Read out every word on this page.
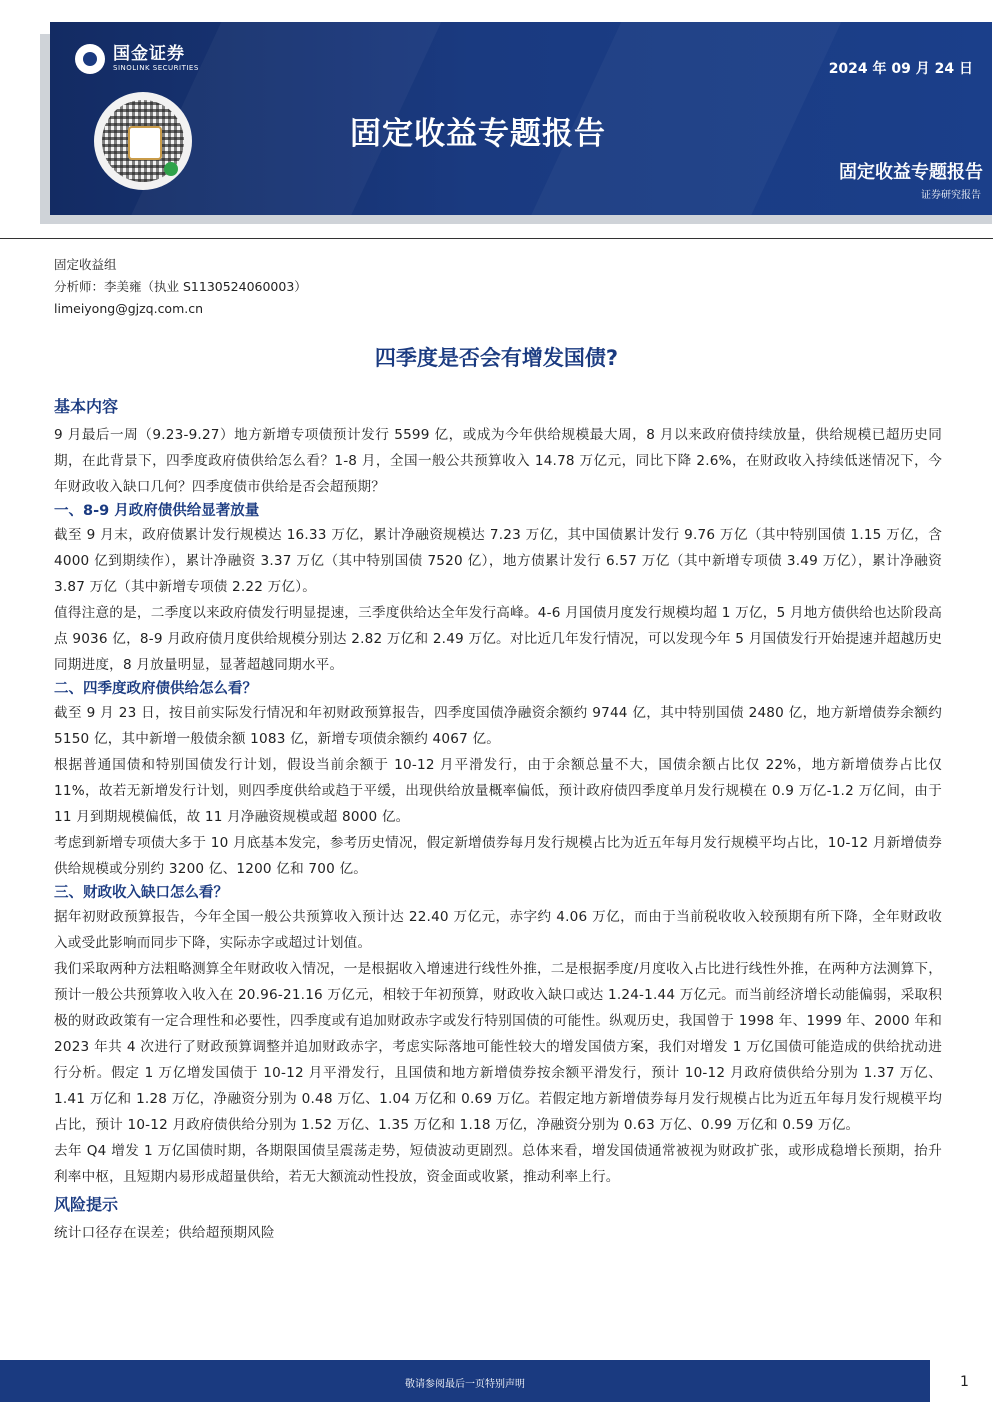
国金证券
SINOLINK SECURITIES	2024 年 09 月 24 日
固定收益专题报告
固定收益专题报告
证券研究报告
固定收益组
分析师：李美雍（执业 S1130524060003）
limeiyong@gjzq.com.cn
四季度是否会有增发国债?
基本内容

9 月最后一周（9.23-9.27）地方新增专项债预计发行 5599 亿，或成为今年供给规模最大周，8 月以来政府债持续放量，供给规模已超历史同期，在此背景下，四季度政府债供给怎么看？1-8 月，全国一般公共预算收入 14.78 万亿元，同比下降 2.6%，在财政收入持续低迷情况下，今年财政收入缺口几何？四季度债市供给是否会超预期？

一、8-9 月政府债供给显著放量

截至 9 月末，政府债累计发行规模达 16.33 万亿，累计净融资规模达 7.23 万亿，其中国债累计发行 9.76 万亿（其中特别国债 1.15 万亿，含 4000 亿到期续作），累计净融资 3.37 万亿（其中特别国债 7520 亿），地方债累计发行 6.57 万亿（其中新增专项债 3.49 万亿），累计净融资 3.87 万亿（其中新增专项债 2.22 万亿）。

值得注意的是，二季度以来政府债发行明显提速，三季度供给达全年发行高峰。4-6 月国债月度发行规模均超 1 万亿，5 月地方债供给也达阶段高点 9036 亿，8-9 月政府债月度供给规模分别达 2.82 万亿和 2.49 万亿。对比近几年发行情况，可以发现今年 5 月国债发行开始提速并超越历史同期进度，8 月放量明显，显著超越同期水平。

二、四季度政府债供给怎么看？

截至 9 月 23 日，按目前实际发行情况和年初财政预算报告，四季度国债净融资余额约 9744 亿，其中特别国债 2480 亿，地方新增债券余额约 5150 亿，其中新增一般债余额 1083 亿，新增专项债余额约 4067 亿。

根据普通国债和特别国债发行计划，假设当前余额于 10-12 月平滑发行，由于余额总量不大，国债余额占比仅 22%，地方新增债券占比仅 11%，故若无新增发行计划，则四季度供给或趋于平缓，出现供给放量概率偏低，预计政府债四季度单月发行规模在 0.9 万亿-1.2 万亿间，由于 11 月到期规模偏低，故 11 月净融资规模或超 8000 亿。

考虑到新增专项债大多于 10 月底基本发完，参考历史情况，假定新增债券每月发行规模占比为近五年每月发行规模平均占比，10-12 月新增债券供给规模或分别约 3200 亿、1200 亿和 700 亿。

三、财政收入缺口怎么看？

据年初财政预算报告，今年全国一般公共预算收入预计达 22.40 万亿元，赤字约 4.06 万亿，而由于当前税收收入较预期有所下降，全年财政收入或受此影响而同步下降，实际赤字或超过计划值。

我们采取两种方法粗略测算全年财政收入情况，一是根据收入增速进行线性外推，二是根据季度/月度收入占比进行线性外推，在两种方法测算下，预计一般公共预算收入收入在 20.96-21.16 万亿元，相较于年初预算，财政收入缺口或达 1.24-1.44 万亿元。而当前经济增长动能偏弱，采取积极的财政政策有一定合理性和必要性，四季度或有追加财政赤字或发行特别国债的可能性。纵观历史，我国曾于 1998 年、1999 年、2000 年和 2023 年共 4 次进行了财政预算调整并追加财政赤字，考虑实际落地可能性较大的增发国债方案，我们对增发 1 万亿国债可能造成的供给扰动进行分析。假定 1 万亿增发国债于 10-12 月平滑发行，且国债和地方新增债券按余额平滑发行，预计 10-12 月政府债供给分别为 1.37 万亿、1.41 万亿和 1.28 万亿，净融资分别为 0.48 万亿、1.04 万亿和 0.69 万亿。若假定地方新增债券每月发行规模占比为近五年每月发行规模平均占比，预计 10-12 月政府债供给分别为 1.52 万亿、1.35 万亿和 1.18 万亿，净融资分别为 0.63 万亿、0.99 万亿和 0.59 万亿。

去年 Q4 增发 1 万亿国债时期，各期限国债呈震荡走势，短债波动更剧烈。总体来看，增发国债通常被视为财政扩张，或形成稳增长预期，抬升利率中枢，且短期内易形成超量供给，若无大额流动性投放，资金面或收紧，推动利率上行。

风险提示

统计口径存在误差；供给超预期风险

敬请参阅最后一页特别声明	1
